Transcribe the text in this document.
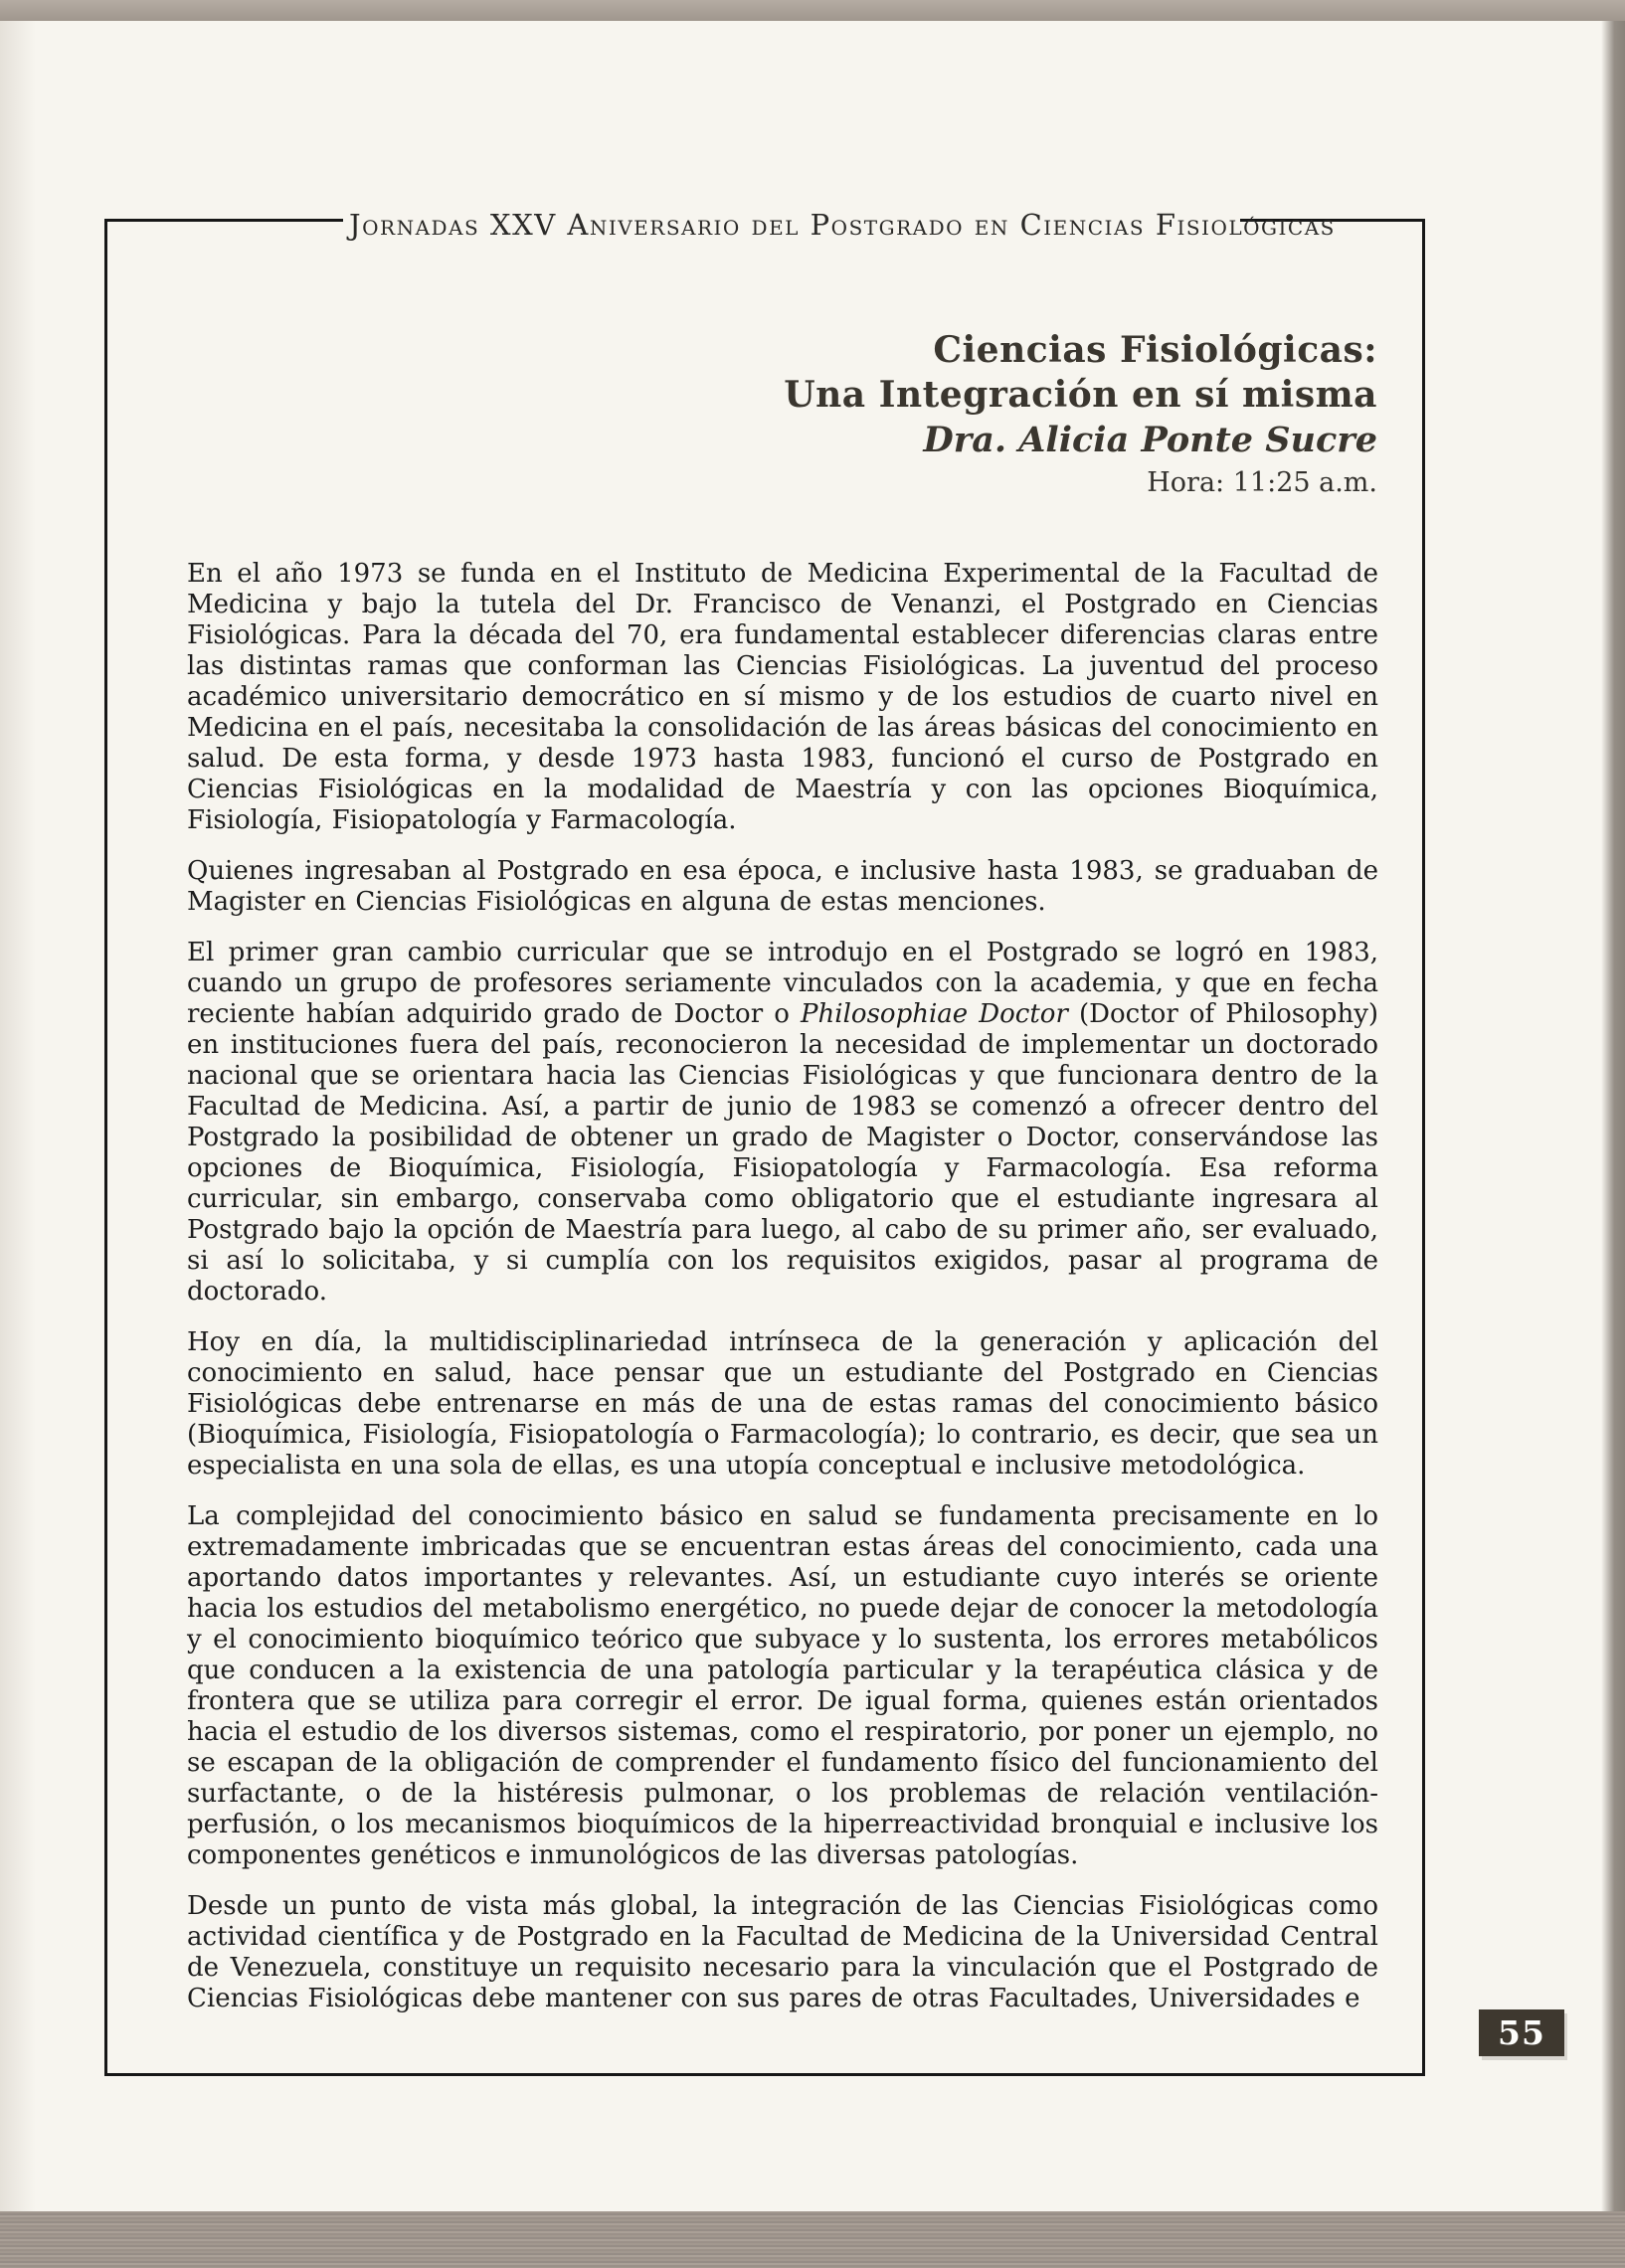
Jornadas XXV Aniversario del Postgrado en Ciencias Fisiológicas
Ciencias Fisiológicas:
Una Integración en sí misma
Dra. Alicia Ponte Sucre
Hora: 11:25 a.m.

En el año 1973 se funda en el Instituto de Medicina Experimental de la Facultad de Medicina y bajo la tutela del Dr. Francisco de Venanzi, el Postgrado en Ciencias Fisiológicas. Para la década del 70, era fundamental establecer diferencias claras entre las distintas ramas que conforman las Ciencias Fisiológicas. La juventud del proceso académico universitario democrático en sí mismo y de los estudios de cuarto nivel en Medicina en el país, necesitaba la consolidación de las áreas básicas del conocimiento en salud. De esta forma, y desde 1973 hasta 1983, funcionó el curso de Postgrado en Ciencias Fisiológicas en la modalidad de Maestría y con las opciones Bioquímica, Fisiología, Fisiopatología y Farmacología.

Quienes ingresaban al Postgrado en esa época, e inclusive hasta 1983, se graduaban de Magister en Ciencias Fisiológicas en alguna de estas menciones.

El primer gran cambio curricular que se introdujo en el Postgrado se logró en 1983, cuando un grupo de profesores seriamente vinculados con la academia, y que en fecha reciente habían adquirido grado de Doctor o Philosophiae Doctor (Doctor of Philosophy) en instituciones fuera del país, reconocieron la necesidad de implementar un doctorado nacional que se orientara hacia las Ciencias Fisiológicas y que funcionara dentro de la Facultad de Medicina. Así, a partir de junio de 1983 se comenzó a ofrecer dentro del Postgrado la posibilidad de obtener un grado de Magister o Doctor, conservándose las opciones de Bioquímica, Fisiología, Fisiopatología y Farmacología. Esa reforma curricular, sin embargo, conservaba como obligatorio que el estudiante ingresara al Postgrado bajo la opción de Maestría para luego, al cabo de su primer año, ser evaluado, si así lo solicitaba, y si cumplía con los requisitos exigidos, pasar al programa de doctorado.

Hoy en día, la multidisciplinariedad intrínseca de la generación y aplicación del conocimiento en salud, hace pensar que un estudiante del Postgrado en Ciencias Fisiológicas debe entrenarse en más de una de estas ramas del conocimiento básico (Bioquímica, Fisiología, Fisiopatología o Farmacología); lo contrario, es decir, que sea un especialista en una sola de ellas, es una utopía conceptual e inclusive metodológica.

La complejidad del conocimiento básico en salud se fundamenta precisamente en lo extremadamente imbricadas que se encuentran estas áreas del conocimiento, cada una aportando datos importantes y relevantes. Así, un estudiante cuyo interés se oriente hacia los estudios del metabolismo energético, no puede dejar de conocer la metodología y el conocimiento bioquímico teórico que subyace y lo sustenta, los errores metabólicos que conducen a la existencia de una patología particular y la terapéutica clásica y de frontera que se utiliza para corregir el error. De igual forma, quienes están orientados hacia el estudio de los diversos sistemas, como el respiratorio, por poner un ejemplo, no se escapan de la obligación de comprender el fundamento físico del funcionamiento del surfactante, o de la histéresis pulmonar, o los problemas de relación ventilación-perfusión, o los mecanismos bioquímicos de la hiperreactividad bronquial e inclusive los componentes genéticos e inmunológicos de las diversas patologías.

Desde un punto de vista más global, la integración de las Ciencias Fisiológicas como actividad científica y de Postgrado en la Facultad de Medicina de la Universidad Central de Venezuela, constituye un requisito necesario para la vinculación que el Postgrado de Ciencias Fisiológicas debe mantener con sus pares de otras Facultades, Universidades e

55
